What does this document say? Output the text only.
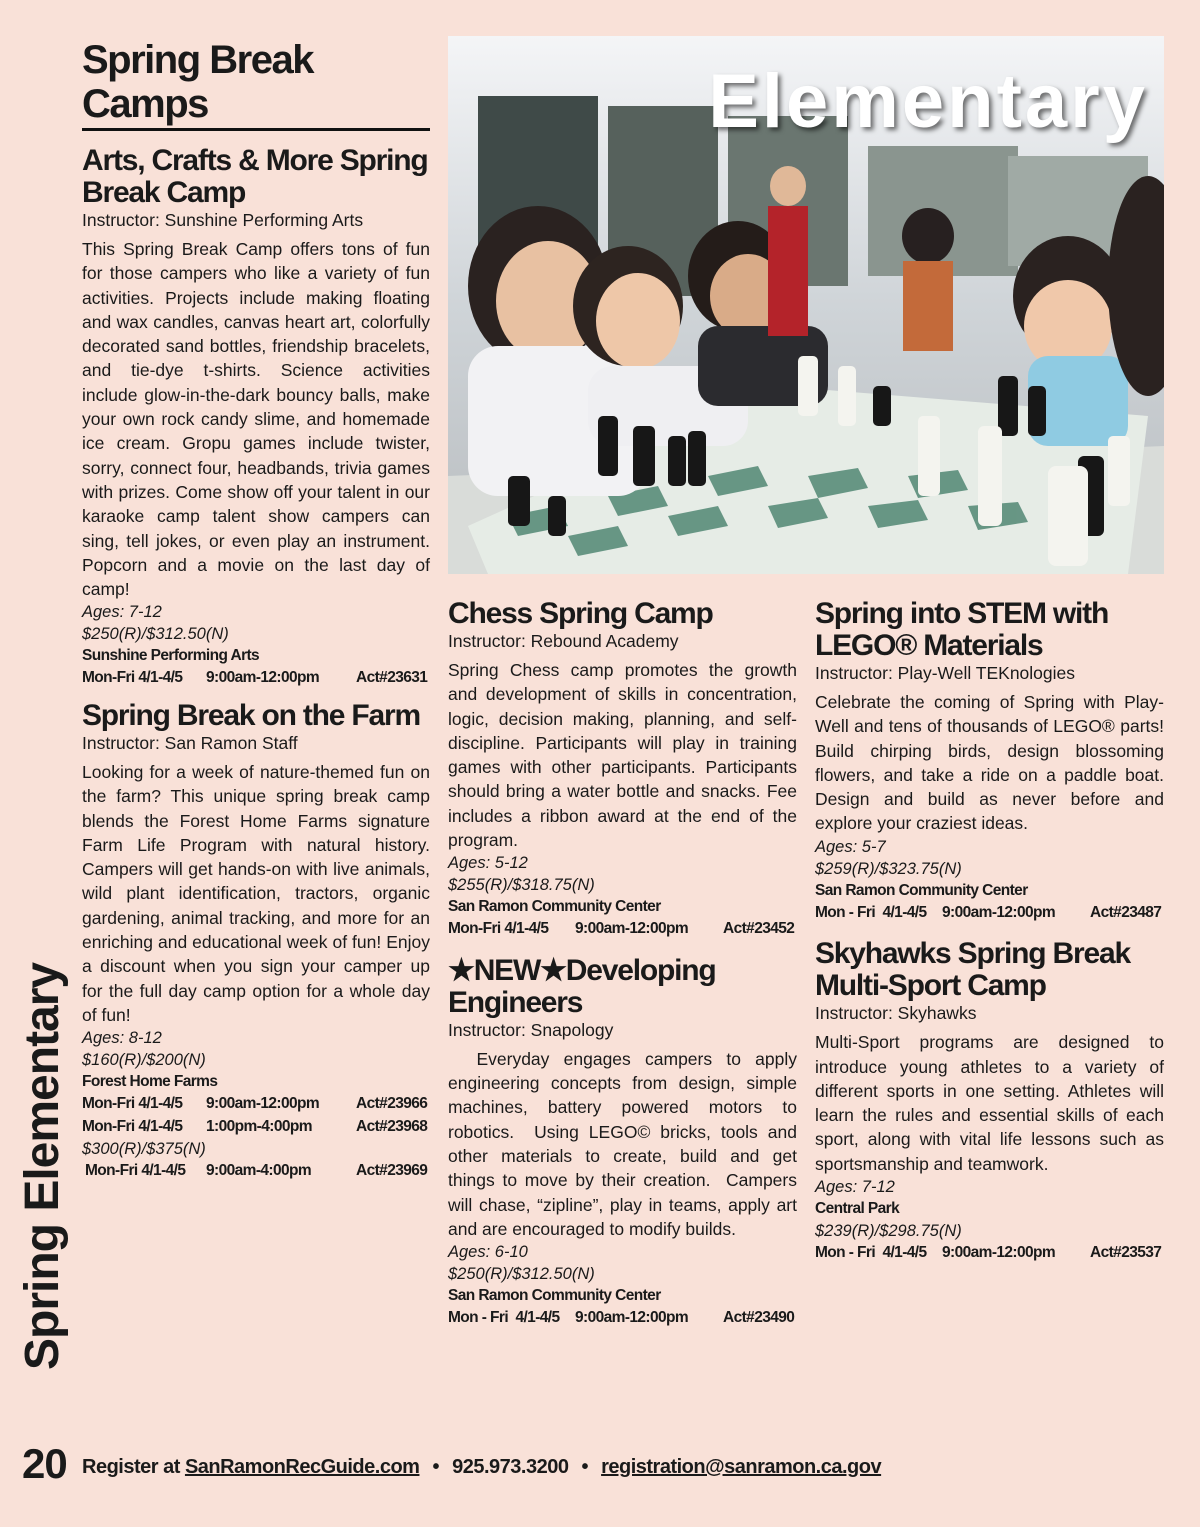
Spring Elementary
Spring Break Camps
Arts, Crafts & More Spring Break Camp

Instructor: Sunshine Performing Arts

This Spring Break Camp offers tons of fun for those campers who like a variety of fun activities. Projects include making floating and wax candles, canvas heart art, colorfully decorated sand bottles, friendship bracelets, and tie-dye t-shirts. Science activities include glow-in-the-dark bouncy balls, make your own rock candy slime, and homemade ice cream. Gropu games include twister, sorry, connect four, headbands, trivia games with prizes. Come show off your talent in our karaoke camp talent show campers can sing, tell jokes, or even play an instrument. Popcorn and a movie on the last day of camp!

Ages: 7-12
$250(R)/$312.50(N)
Sunshine Performing Arts
Mon-Fri 4/1-4/5	9:00am-12:00pm	Act#23631
Spring Break on the Farm

Instructor: San Ramon Staff

Looking for a week of nature-themed fun on the farm? This unique spring break camp blends the Forest Home Farms signature Farm Life Program with natural history. Campers will get hands-on with live animals, wild plant identification, tractors, organic gardening, animal tracking, and more for an enriching and educational week of fun! Enjoy a discount when you sign your camper up for the full day camp option for a whole day of fun!

Ages: 8-12
$160(R)/$200(N)
Forest Home Farms
Mon-Fri 4/1-4/5	9:00am-12:00pm	Act#23966
Mon-Fri 4/1-4/5	1:00pm-4:00pm	Act#23968
$300(R)/$375(N)
Mon-Fri 4/1-4/5	9:00am-4:00pm	Act#23969
Elementary
Chess Spring Camp

Instructor: Rebound Academy

Spring Chess camp promotes the growth and development of skills in concentration, logic, decision making, planning, and self-discipline. Participants will play in training games with other participants. Participants should bring a water bottle and snacks. Fee includes a ribbon award at the end of the program.

Ages: 5-12
$255(R)/$318.75(N)
San Ramon Community Center
Mon-Fri 4/1-4/5	9:00am-12:00pm	Act#23452
★NEW★Developing Engineers

Instructor: Snapology

Everyday engages campers to apply engineering concepts from design, simple machines, battery powered motors to robotics.  Using LEGO© bricks, tools and other materials to create, build and get things to move by their creation.  Campers will chase, “zipline”, play in teams, apply art and are encouraged to modify builds.

Ages: 6-10
$250(R)/$312.50(N)
San Ramon Community Center
Mon - Fri  4/1-4/5	9:00am-12:00pm	Act#23490
Spring into STEM with LEGO® Materials

Instructor: Play-Well TEKnologies

Celebrate the coming of Spring with Play-Well and tens of thousands of LEGO® parts! Build chirping birds, design blossoming flowers, and take a ride on a paddle boat. Design and build as never before and explore your craziest ideas.

Ages: 5-7
$259(R)/$323.75(N)
San Ramon Community Center
Mon - Fri  4/1-4/5	9:00am-12:00pm	Act#23487
Skyhawks Spring Break Multi-Sport Camp

Instructor: Skyhawks

Multi-Sport programs are designed to introduce young athletes to a variety of different sports in one setting. Athletes will learn the rules and essential skills of each sport, along with vital life lessons such as sportsmanship and teamwork.

Ages: 7-12
Central Park
$239(R)/$298.75(N)
Mon - Fri  4/1-4/5	9:00am-12:00pm	Act#23537
20 Register at SanRamonRecGuide.com • 925.973.3200 • registration@sanramon.ca.gov
